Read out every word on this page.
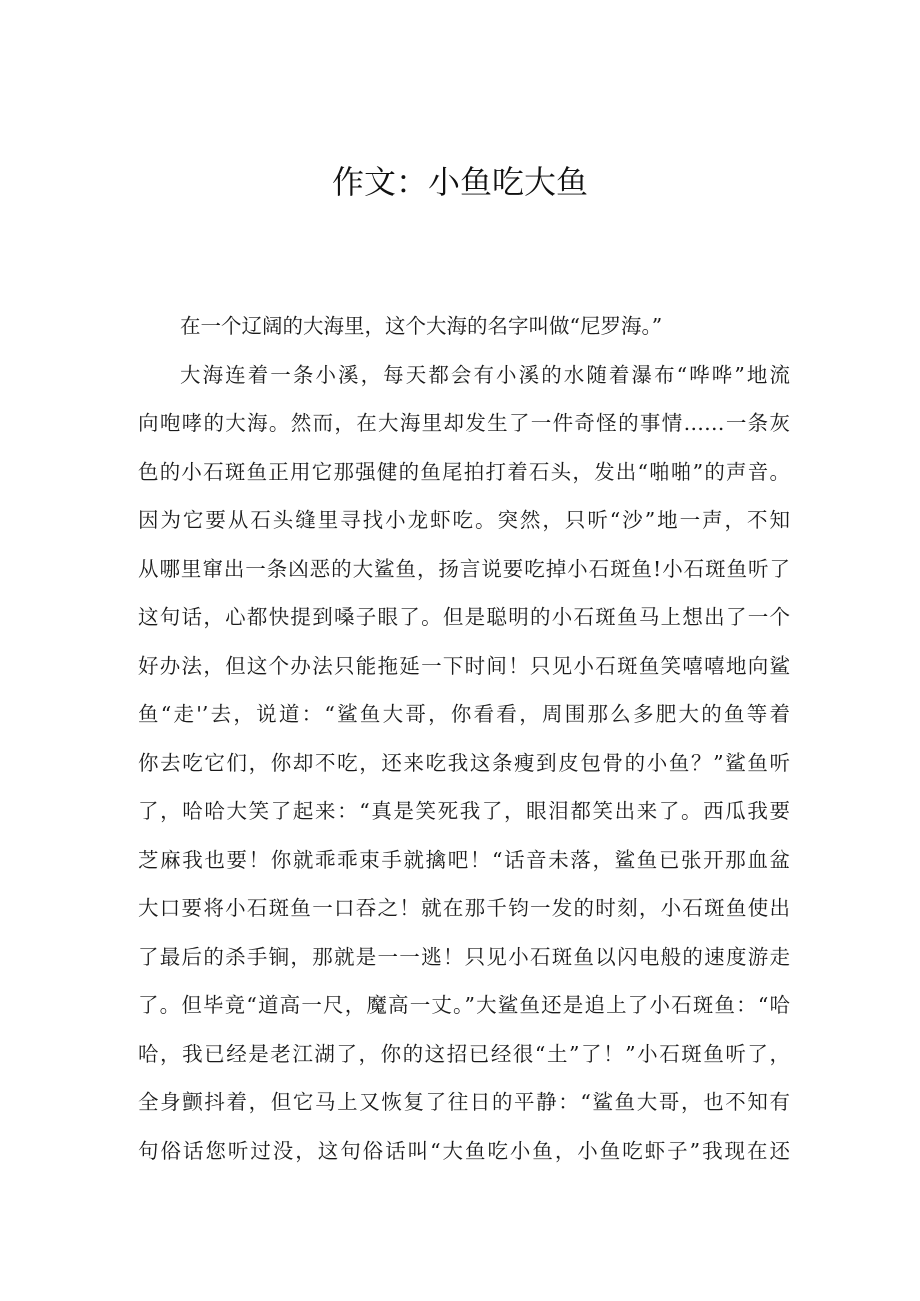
作文：小鱼吃大鱼
在一个辽阔的大海里，这个大海的名字叫做“尼罗海。”
大海连着一条小溪，每天都会有小溪的水随着瀑布“哗哗”地流
向咆哮的大海。然而，在大海里却发生了一件奇怪的事情……一条灰
色的小石斑鱼正用它那强健的鱼尾拍打着石头，发出“啪啪”的声音。
因为它要从石头缝里寻找小龙虾吃。突然，只听“沙”地一声，不知
从哪里窜出一条凶恶的大鲨鱼，扬言说要吃掉小石斑鱼!小石斑鱼听了
这句话，心都快提到嗓子眼了。但是聪明的小石斑鱼马上想出了一个
好办法，但这个办法只能拖延一下时间！只见小石斑鱼笑嘻嘻地向鲨
鱼“走'’去，说道：“鲨鱼大哥，你看看，周围那么多肥大的鱼等着
你去吃它们，你却不吃，还来吃我这条瘦到皮包骨的小鱼？”鲨鱼听
了，哈哈大笑了起来：“真是笑死我了，眼泪都笑出来了。西瓜我要
芝麻我也要！你就乖乖束手就擒吧！“话音未落，鲨鱼已张开那血盆
大口要将小石斑鱼一口吞之！就在那千钧一发的时刻，小石斑鱼使出
了最后的杀手锏，那就是一一逃！只见小石斑鱼以闪电般的速度游走
了。但毕竟“道高一尺，魔高一丈。”大鲨鱼还是追上了小石斑鱼：“哈
哈，我已经是老江湖了，你的这招已经很“土”了！”小石斑鱼听了，
全身颤抖着，但它马上又恢复了往日的平静：“鲨鱼大哥，也不知有
句俗话您听过没，这句俗话叫“大鱼吃小鱼，小鱼吃虾子”我现在还
